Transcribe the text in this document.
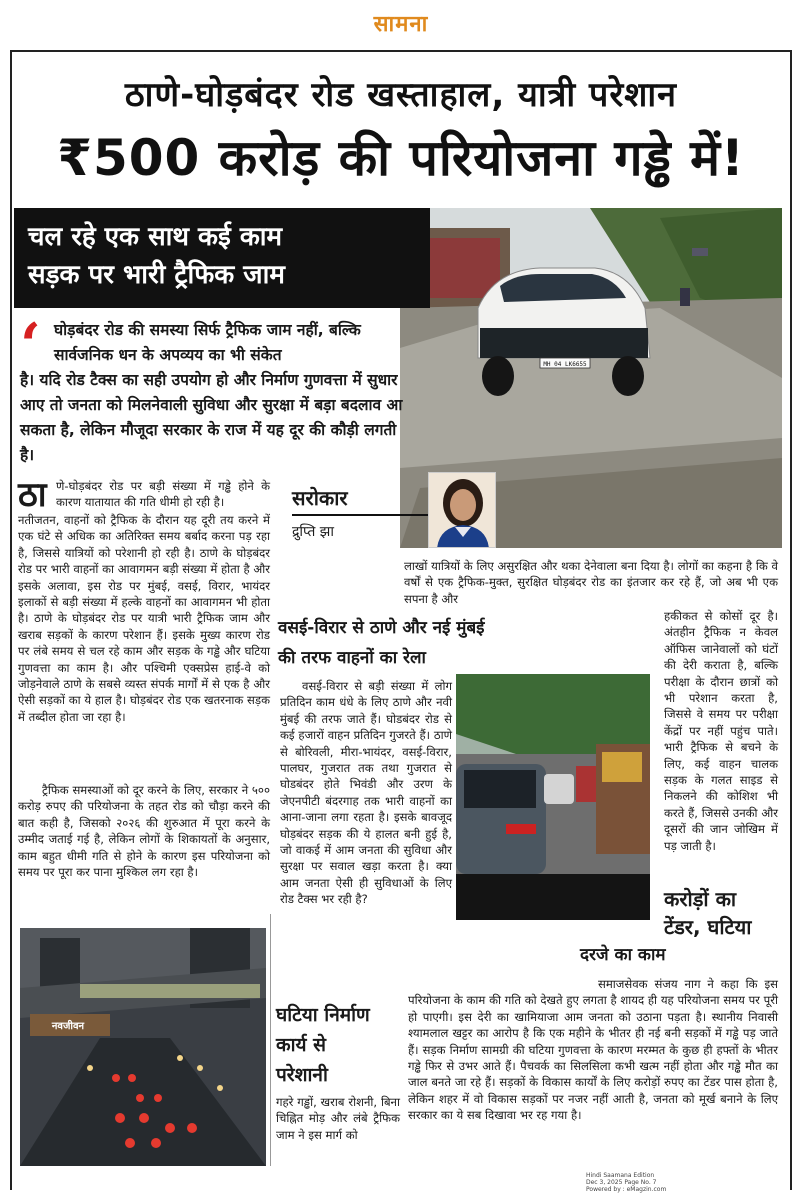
सामना
ठाणे-घोड़बंदर रोड खस्ताहाल, यात्री परेशान
₹500 करोड़ की परियोजना गड्ढे में!
MH 04 LK6655
चल रहे एक साथ कई काम
सड़क पर भारी ट्रैफिक जाम
‘ घोड़बंदर रोड की समस्या सिर्फ ट्रैफिक जाम नहीं, बल्कि सार्वजनिक धन के अपव्यय का भी संकेत
है। यदि रोड टैक्स का सही उपयोग हो और निर्माण गुणवत्ता में सुधार आए तो जनता को मिलनेवाली सुविधा और सुरक्षा में बड़ा बदलाव आ सकता है, लेकिन मौजूदा सरकार के राज में यह दूर की कौड़ी लगती है।
सरोकार
द्रुप्ति झा
ठा णे-घोड़बंदर रोड पर बड़ी संख्या में गड्ढे होने के कारण यातायात की गति धीमी हो रही है।
नतीजतन, वाहनों को ट्रैफिक के दौरान यह दूरी तय करने में एक घंटे से अधिक का अतिरिक्त समय बर्बाद करना पड़ रहा है, जिससे यात्रियों को परेशानी हो रही है। ठाणे के घोड़बंदर रोड पर भारी वाहनों का आवागमन बड़ी संख्या में होता है और इसके अलावा, इस रोड पर मुंबई, वसई, विरार, भायंदर इलाकों से बड़ी संख्या में हल्के वाहनों का आवागमन भी होता है। ठाणे के घोड़बंदर रोड पर यात्री भारी ट्रैफिक जाम और खराब सड़कों के कारण परेशान हैं। इसके मुख्य कारण रोड पर लंबे समय से चल रहे काम और सड़क के गड्ढे और घटिया गुणवत्ता का काम है। और पश्चिमी एक्सप्रेस हाई-वे को जोड़नेवाले ठाणे के सबसे व्यस्त संपर्क मार्गों में से एक है और ऐसी सड़कों का ये हाल है। घोड़बंदर रोड एक खतरनाक सड़क में तब्दील होता जा रहा है।
ट्रैफिक समस्याओं को दूर करने के लिए, सरकार ने ५०० करोड़ रुपए की परियोजना के तहत रोड को चौड़ा करने की बात कही है, जिसको २०२६ की शुरुआत में पूरा करने के उम्मीद जताई गई है, लेकिन लोगों के शिकायतों के अनुसार, काम बहुत धीमी गति से होने के कारण इस परियोजना को समय पर पूरा कर पाना मुश्किल लग रहा है।
नवजीवन
वसई-विरार से ठाणे और नई मुंबई
की तरफ वाहनों का रेला
वसई-विरार से बड़ी संख्या में लोग प्रतिदिन काम धंधे के लिए ठाणे और नवी मुंबई की तरफ जाते हैं। घोडबंदर रोड से कई हजारों वाहन प्रतिदिन गुजरते हैं। ठाणे से बोरिवली, मीरा-भायंदर, वसई-विरार, पालघर, गुजरात तक तथा गुजरात से घोडबंदर होते भिवंडी और उरण के जेएनपीटी बंदरगाह तक भारी वाहनों का आना-जाना लगा रहता है। इसके बावजूद घोड़बंदर सड़क की ये हालत बनी हुई है, जो वाकई में आम जनता की सुविधा और सुरक्षा पर सवाल खड़ा करता है। क्या आम जनता ऐसी ही सुविधाओं के लिए रोड टैक्स भर रही है?
लाखों यात्रियों के लिए असुरक्षित और थका देनेवाला बना दिया है। लोगों का कहना है कि वे वर्षों से एक ट्रैफिक-मुक्त, सुरक्षित घोड़बंदर रोड का इंतजार कर रहे हैं, जो अब भी एक सपना है और
हकीकत से कोसों दूर है। अंतहीन ट्रैफिक न केवल ऑफिस जानेवालों को घंटों की देरी कराता है, बल्कि परीक्षा के दौरान छात्रों को भी परेशान करता है, जिससे वे समय पर परीक्षा केंद्रों पर नहीं पहुंच पाते। भारी ट्रैफिक से बचने के लिए, कई वाहन चालक सड़क के गलत साइड से निकलने की कोशिश भी करते हैं, जिससे उनकी और दूसरों की जान जोखिम में पड़ जाती है।
करोड़ों का
टेंडर, घटिया
दरजे का काम
समाजसेवक संजय नाग ने कहा कि इस परियोजना के काम की गति को देखते हुए लगता है शायद ही यह परियोजना समय पर पूरी हो पाएगी। इस देरी का खामियाजा आम जनता को उठाना पड़ता है। स्थानीय निवासी श्यामलाल खट्टर का आरोप है कि एक महीने के भीतर ही नई बनी सड़कों में गड्ढे पड़ जाते हैं। सड़क निर्माण सामग्री की घटिया गुणवत्ता के कारण मरम्मत के कुछ ही हफ्तों के भीतर गड्ढे फिर से उभर आते हैं। पैचवर्क का सिलसिला कभी खत्म नहीं होता और गड्ढे मौत का जाल बनते जा रहे हैं। सड़कों के विकास कार्यों के लिए करोड़ों रुपए का टेंडर पास होता है, लेकिन शहर में वो विकास सड़कों पर नजर नहीं आती है, जनता को मूर्ख बनाने के लिए सरकार का ये सब दिखावा भर रह गया है।
घटिया निर्माण
कार्य से
परेशानी
गहरे गड्ढों, खराब रोशनी, बिना चिह्नित मोड़ और लंबे ट्रैफिक जाम ने इस मार्ग को
Hindi Saamana Edition
Dec 3, 2025 Page No. 7
Powered by : eMagzin.com
